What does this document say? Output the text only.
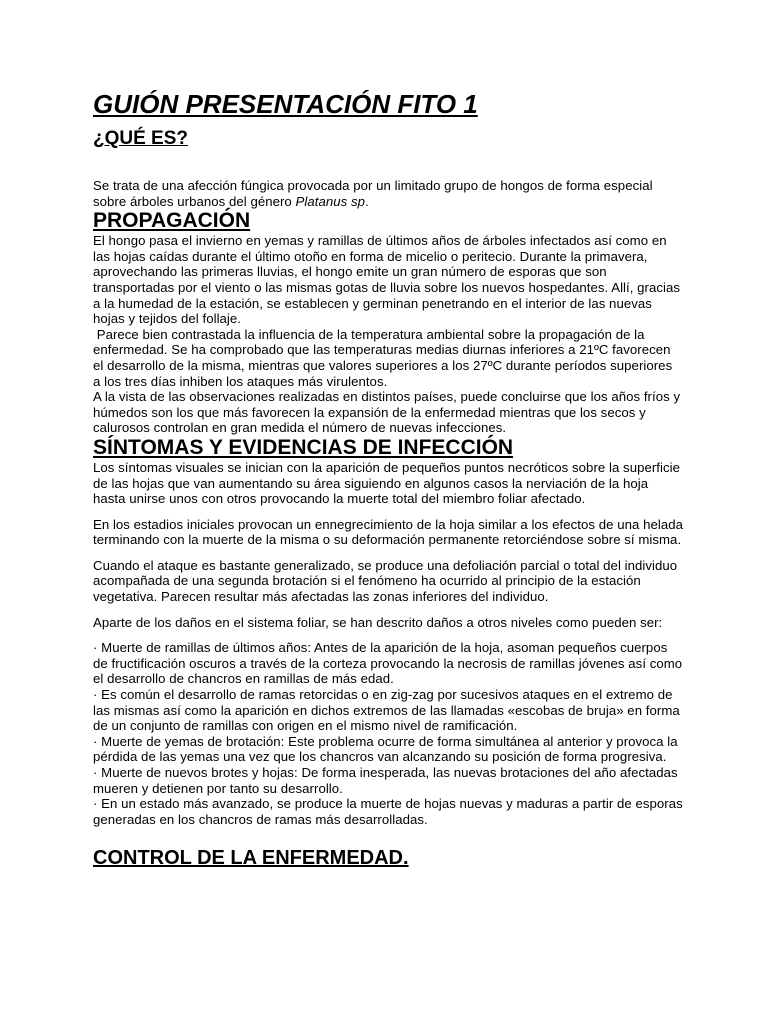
GUIÓN PRESENTACIÓN FITO 1
¿QUÉ ES?

Se trata de una afección fúngica provocada por un limitado grupo de hongos de forma especial sobre árboles urbanos del género Platanus sp.

PROPAGACIÓN

El hongo pasa el invierno en yemas y ramillas de últimos años de árboles infectados así como en las hojas caídas durante el último otoño en forma de micelio o peritecio. Durante la primavera, aprovechando las primeras lluvias, el hongo emite un gran número de esporas que son transportadas por el viento o las mismas gotas de lluvia sobre los nuevos hospedantes. Allí, gracias a la humedad de la estación, se establecen y germinan penetrando en el interior de las nuevas hojas y tejidos del follaje.

Parece bien contrastada la influencia de la temperatura ambiental sobre la propagación de la enfermedad. Se ha comprobado que las temperaturas medias diurnas inferiores a 21ºC favorecen el desarrollo de la misma, mientras que valores superiores a los 27ºC durante períodos superiores a los tres días inhiben los ataques más virulentos.

A la vista de las observaciones realizadas en distintos países, puede concluirse que los años fríos y húmedos son los que más favorecen la expansión de la enfermedad mientras que los secos y calurosos controlan en gran medida el número de nuevas infecciones.

SÍNTOMAS Y EVIDENCIAS DE INFECCIÓN

Los síntomas visuales se inician con la aparición de pequeños puntos necróticos sobre la superficie de las hojas que van aumentando su área siguiendo en algunos casos la nerviación de la hoja hasta unirse unos con otros provocando la muerte total del miembro foliar afectado.

En los estadios iniciales provocan un ennegrecimiento de la hoja similar a los efectos de una helada terminando con la muerte de la misma o su deformación permanente retorciéndose sobre sí misma.

Cuando el ataque es bastante generalizado, se produce una defoliación parcial o total del individuo acompañada de una segunda brotación si el fenómeno ha ocurrido al principio de la estación vegetativa. Parecen resultar más afectadas las zonas inferiores del individuo.

Aparte de los daños en el sistema foliar, se han descrito daños a otros niveles como pueden ser:

· Muerte de ramillas de últimos años: Antes de la aparición de la hoja, asoman pequeños cuerpos de fructificación oscuros a través de la corteza provocando la necrosis de ramillas jóvenes así como el desarrollo de chancros en ramillas de más edad.

· Es común el desarrollo de ramas retorcidas o en zig-zag por sucesivos ataques en el extremo de las mismas así como la aparición en dichos extremos de las llamadas «escobas de bruja» en forma de un conjunto de ramillas con origen en el mismo nivel de ramificación.

· Muerte de yemas de brotación: Este problema ocurre de forma simultánea al anterior y provoca la pérdida de las yemas una vez que los chancros van alcanzando su posición de forma progresiva.

· Muerte de nuevos brotes y hojas: De forma inesperada, las nuevas brotaciones del año afectadas mueren y detienen por tanto su desarrollo.

· En un estado más avanzado, se produce la muerte de hojas nuevas y maduras a partir de esporas generadas en los chancros de ramas más desarrolladas.

CONTROL DE LA ENFERMEDAD.
